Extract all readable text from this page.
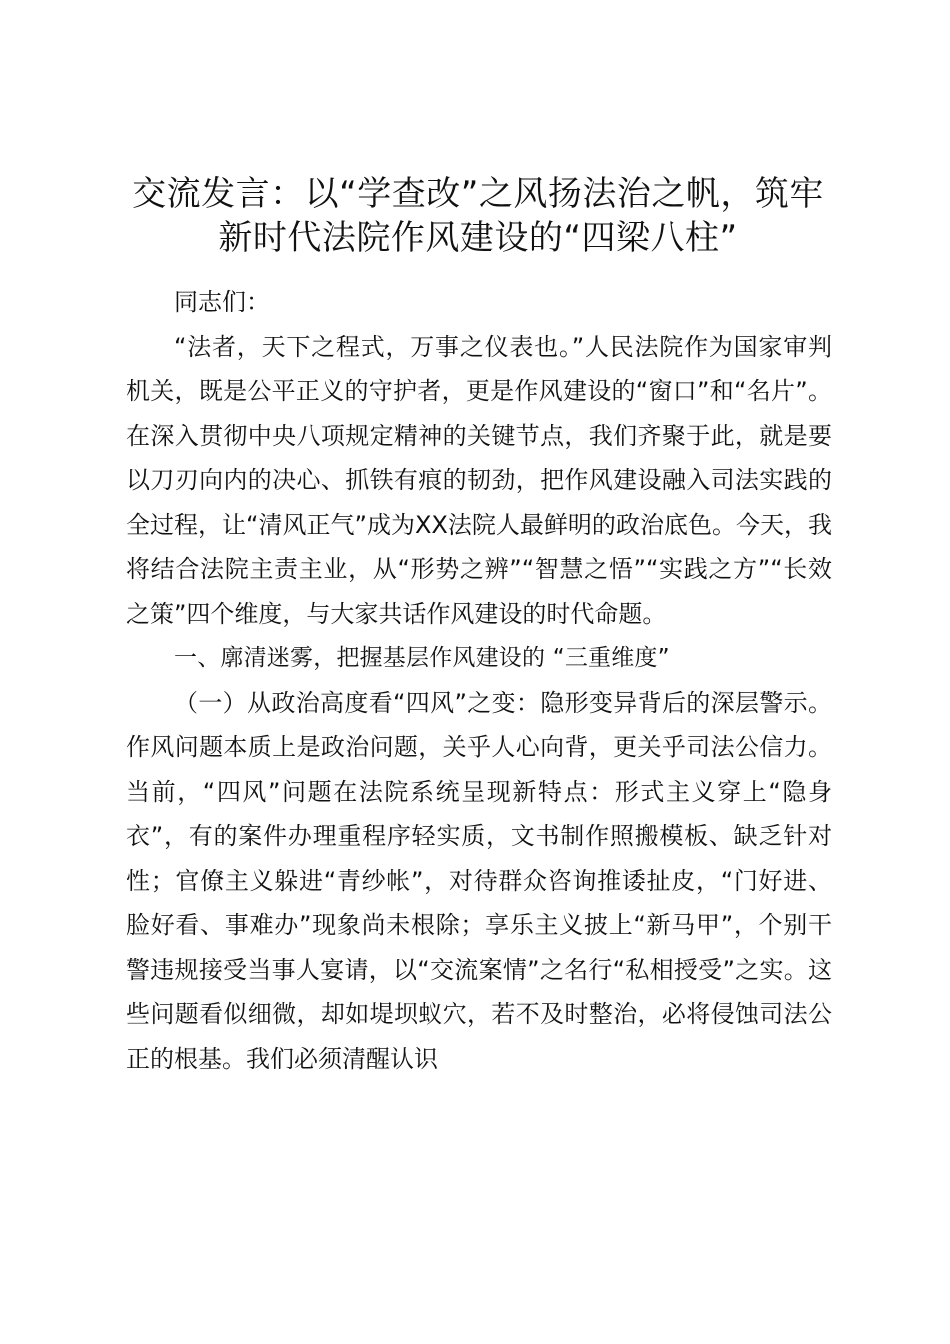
交流发言：以“学查改”之风扬法治之帆，筑牢
新时代法院作风建设的“四梁八柱”

同志们：

“法者，天下之程式，万事之仪表也。”人民法院作为国家审判机关，既是公平正义的守护者，更是作风建设的“窗口”和“名片”。在深入贯彻中央八项规定精神的关键节点，我们齐聚于此，就是要以刀刃向内的决心、抓铁有痕的韧劲，把作风建设融入司法实践的全过程，让“清风正气”成为XX法院人最鲜明的政治底色。今天，我将结合法院主责主业，从“形势之辨”“智慧之悟”“实践之方”“长效之策”四个维度，与大家共话作风建设的时代命题。

一、廓清迷雾，把握基层作风建设的 “三重维度”

（一）从政治高度看“四风”之变：隐形变异背后的深层警示。作风问题本质上是政治问题，关乎人心向背，更关乎司法公信力。当前，“四风”问题在法院系统呈现新特点：形式主义穿上“隐身衣”，有的案件办理重程序轻实质，文书制作照搬模板、缺乏针对性；官僚主义躲进“青纱帐”，对待群众咨询推诿扯皮，“门好进、脸好看、事难办”现象尚未根除；享乐主义披上“新马甲”，个别干警违规接受当事人宴请，以“交流案情”之名行“私相授受”之实。这些问题看似细微，却如堤坝蚁穴，若不及时整治，必将侵蚀司法公正的根基。我们必须清醒认识
